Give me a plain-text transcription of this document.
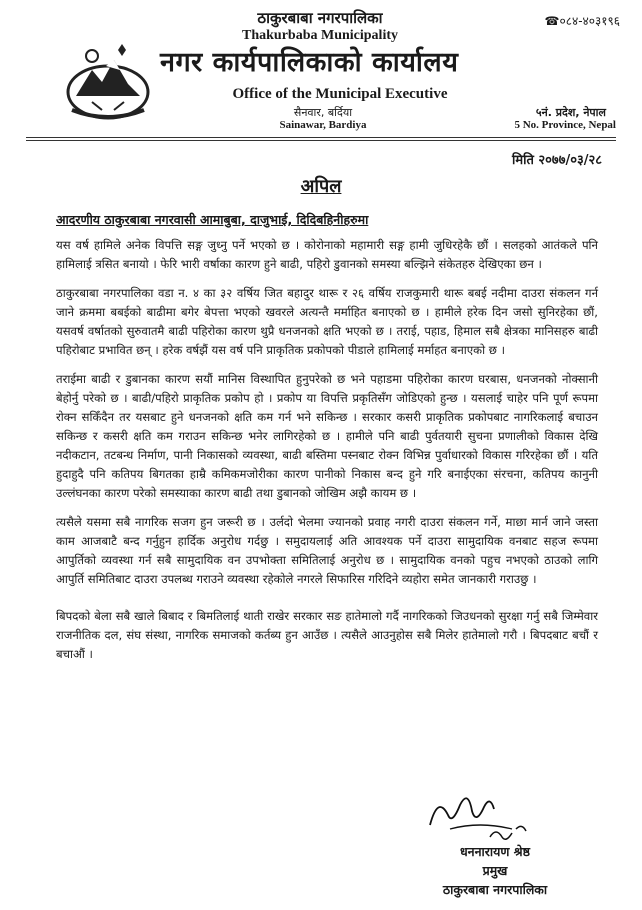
ठाकुरबाबा नगरपालिका
Thakurbaba Municipality
☎०८४-४०३१९६
नगर कार्यपालिकाको कार्यालय
Office of the Municipal Executive
सैनवार, बर्दिया
Sainawar, Bardiya
५नं. प्रदेश, नेपाल
5 No. Province, Nepal
मिति २०७७/०३/२८
अपिल
आदरणीय ठाकुरबाबा नगरवासी आमाबुबा, दाजुभाई, दिदिबहिनीहरुमा

यस वर्ष हामिले अनेक विपत्ति सङ्ग जुध्नु पर्ने भएको छ । कोरोनाको महामारी सङ्ग हामी जुधिरहेकै छौं । सलहको आतंकले पनि हामिलाई त्रसित बनायो । फेरि भारी वर्षाका कारण हुने बाढी, पहिरो डुवानको समस्या बल्झिने संकेतहरु देखिएका छन ।

ठाकुरबाबा नगरपालिका वडा न. ४ का ३२ वर्षिय जित बहादुर थारू र २६ वर्षिय राजकुमारी थारू बबई नदीमा दाउरा संकलन गर्न जाने क्रममा बबईको बाढीमा बगेर बेपत्ता भएको खवरले अत्यन्तै मर्माहित बनाएको छ । हामीले हरेक दिन जसो सुनिरहेका छौं, यसवर्ष वर्षातको सुरुवातमै बाढी पहिरोका कारण थुप्रै धनजनको क्षति भएको छ । तराई, पहाड, हिमाल सबै क्षेत्रका मानिसहरु बाढी पहिरोबाट प्रभावित छन् । हरेक वर्षझैं यस वर्ष पनि प्राकृतिक प्रकोपको पीडाले हामिलाई मर्माहत बनाएको छ ।

तराईमा बाढी र डुबानका कारण सयौं मानिस विस्थापित हुनुपरेको छ भने पहाडमा पहिरोका कारण घरबास, धनजनको नोक्सानी बेहोर्नु परेको छ । बाढी/पहिरो प्राकृतिक प्रकोप हो । प्रकोप या विपत्ति प्रकृतिसँग जोडिएको हुन्छ । यसलाई चाहेर पनि पूर्ण रूपमा रोक्न सकिँदैन तर यसबाट हुने धनजनको क्षति कम गर्न भने सकिन्छ । सरकार कसरी प्राकृतिक प्रकोपबाट नागरिकलाई बचाउन सकिन्छ र कसरी क्षति कम गराउन सकिन्छ भनेर लागिरहेको छ । हामीले पनि बाढी पुर्वतयारी सुचना प्रणालीको विकास देखि नदीकटान, तटबन्ध निर्माण, पानी निकासको व्यवस्था, बाढी बस्तिमा पस्नबाट रोक्न विभिन्न पुर्वाधारको विकास गरिरहेका छौं । यति हुदाहुदै पनि कतिपय बिगतका हाम्रै कमिकमजोरीका कारण पानीको निकास बन्द हुने गरि बनाईएका संरचना, कतिपय कानुनी उल्लंघनका कारण परेको समस्याका कारण बाढी तथा डुबानको जोखिम अझै कायम छ ।

त्यसैले यसमा सबै नागरिक सजग हुन जरूरी छ । उर्लदो भेलमा ज्यानको प्रवाह नगरी दाउरा संकलन गर्ने, माछा मार्न जाने जस्ता काम आजबाटै बन्द गर्नुहुन हार्दिक अनुरोध गर्दछु । समुदायलाई अति आवश्यक पर्ने दाउरा सामुदायिक वनबाट सहज रूपमा आपुर्तिको व्यवस्था गर्न सबै सामुदायिक वन उपभोक्ता समितिलाई अनुरोध छ । सामुदायिक वनको पहुच नभएको ठाउको लागि आपुर्ति समितिबाट दाउरा उपलब्ध गराउने व्यवस्था रहेकोले नगरले सिफारिस गरिदिने व्यहोरा समेत जानकारी गराउछु ।

बिपदको बेला सबै खाले बिबाद र बिमतिलाई थाती राखेर सरकार सङ हातेमालो गर्दै नागरिकको जिउधनको सुरक्षा गर्नु सबै जिम्मेवार राजनीतिक दल, संघ संस्था, नागरिक समाजको कर्तब्य हुन आउँछ । त्यसैले आउनुहोस सबै मिलेर हातेमालो गरौ । बिपदबाट बचौं र बचाऔं ।

धननारायण श्रेष्ठ
प्रमुख
ठाकुरबाबा नगरपालिका
